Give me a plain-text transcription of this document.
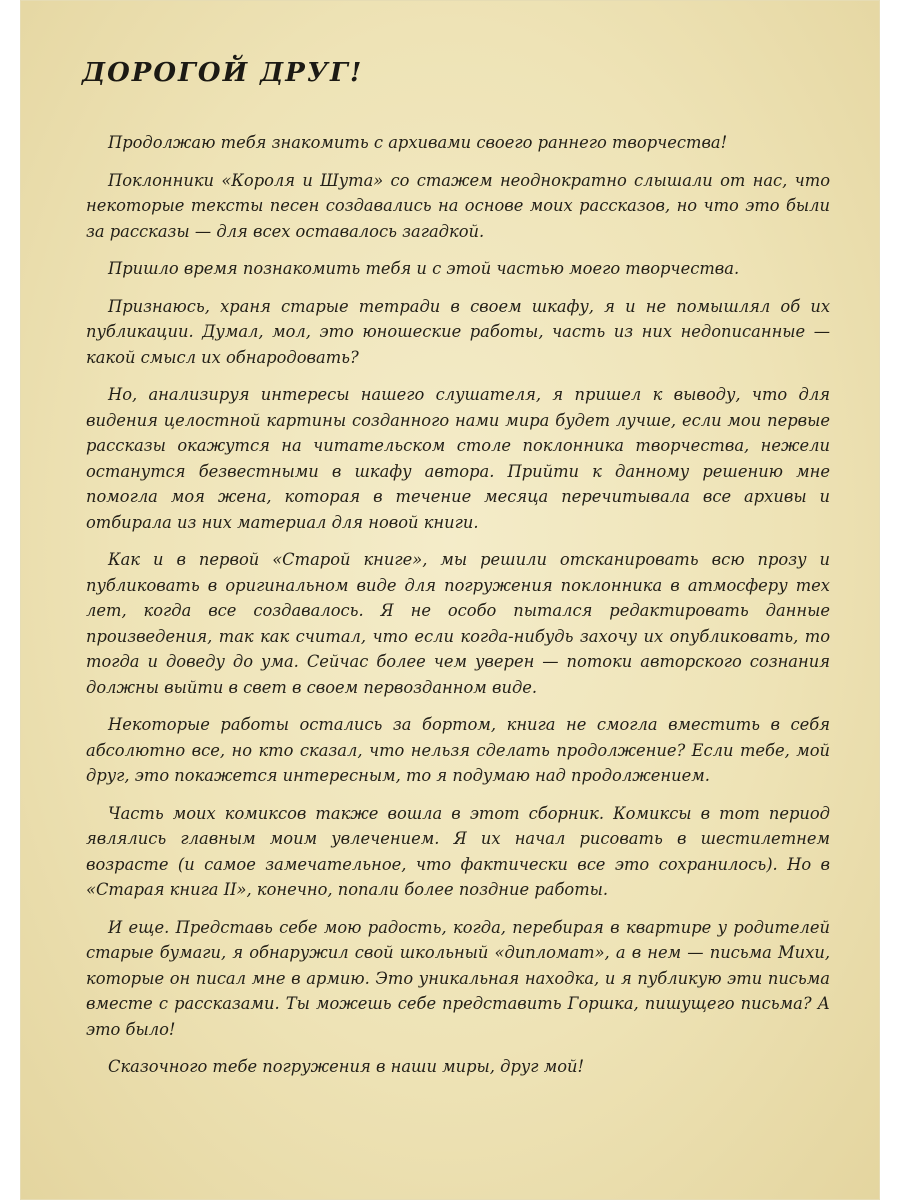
ДОРОГОЙ ДРУГ!

Продолжаю тебя знакомить с архивами своего раннего творчества!

Поклонники «Короля и Шута» со стажем неоднократно слышали от нас, что некоторые тексты песен создавались на основе моих рассказов, но что это были за рассказы — для всех оставалось загадкой.

Пришло время познакомить тебя и с этой частью моего творчества.

Признаюсь, храня старые тетради в своем шкафу, я и не помышлял об их публикации. Думал, мол, это юношеские работы, часть из них недописанные — какой смысл их обнародовать?

Но, анализируя интересы нашего слушателя, я пришел к выводу, что для видения целостной картины созданного нами мира будет лучше, если мои первые рассказы окажутся на читательском столе поклонника творчества, нежели останутся безвестными в шкафу автора. Прийти к данному решению мне помогла моя жена, которая в течение месяца перечитывала все архивы и отбирала из них материал для новой книги.

Как и в первой «Старой книге», мы решили отсканировать всю прозу и публиковать в оригинальном виде для погружения поклонника в атмосферу тех лет, когда все создавалось. Я не особо пытался редактировать данные произведения, так как считал, что если когда-нибудь захочу их опубликовать, то тогда и доведу до ума. Сейчас более чем уверен — потоки авторского сознания должны выйти в свет в своем первозданном виде.

Некоторые работы остались за бортом, книга не смогла вместить в себя абсолютно все, но кто сказал, что нельзя сделать продолжение? Если тебе, мой друг, это покажется интересным, то я подумаю над продолжением.

Часть моих комиксов также вошла в этот сборник. Комиксы в тот период являлись главным моим увлечением. Я их начал рисовать в шестилетнем возрасте (и самое замечательное, что фактически все это сохранилось). Но в «Старая книга II», конечно, попали более поздние работы.

И еще. Представь себе мою радость, когда, перебирая в квартире у родителей старые бумаги, я обнаружил свой школьный «дипломат», а в нем — письма Михи, которые он писал мне в армию. Это уникальная находка, и я публикую эти письма вместе с рассказами. Ты можешь себе представить Горшка, пишущего письма? А это было!

Сказочного тебе погружения в наши миры, друг мой!
